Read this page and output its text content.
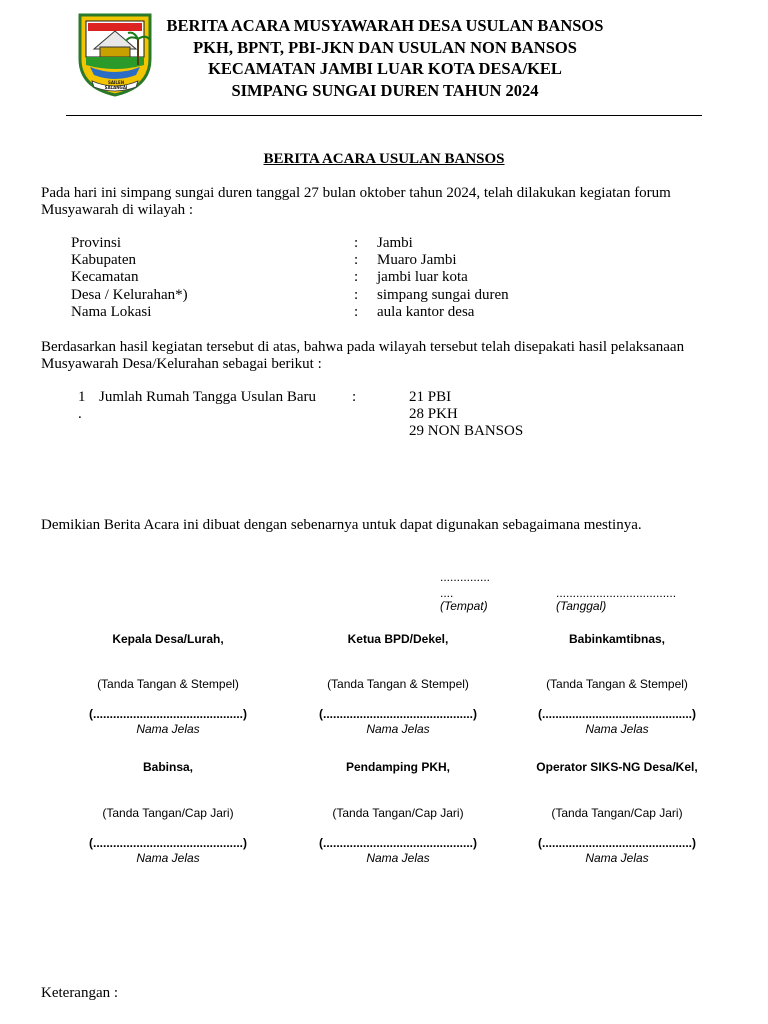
SAILEN SALANGAI
BERITA ACARA MUSYAWARAH DESA USULAN BANSOS
PKH, BPNT, PBI-JKN DAN USULAN NON BANSOS
KECAMATAN JAMBI LUAR KOTA DESA/KEL
SIMPANG SUNGAI DUREN TAHUN 2024
BERITA ACARA USULAN BANSOS
Pada hari ini simpang sungai duren tanggal 27 bulan oktober tahun 2024, telah dilakukan kegiatan forum Musyawarah di wilayah :
Provinsi	: Jambi
Kabupaten	: Muaro Jambi
Kecamatan	: jambi luar kota
Desa / Kelurahan*)	: simpang sungai duren
Nama Lokasi	: aula kantor desa
Berdasarkan hasil kegiatan tersebut di atas, bahwa pada wilayah tersebut telah disepakati hasil pelaksanaan Musyawarah Desa/Kelurahan sebagai berikut :
1
.
Jumlah Rumah Tangga Usulan Baru :	21 PBI
28 PKH
29 NON BANSOS
Demikian Berita Acara ini dibuat dengan sebenarnya untuk dapat digunakan sebagaimana mestinya.
...............
....
(Tempat)
....................................
(Tanggal)
Kepala Desa/Lurah,
(Tanda Tangan & Stempel)
(.............................................)
Nama Jelas
Ketua BPD/Dekel,
(Tanda Tangan & Stempel)
(.............................................)
Nama Jelas
Babinkamtibnas,
(Tanda Tangan & Stempel)
(.............................................)
Nama Jelas
Babinsa,
(Tanda Tangan/Cap Jari)
(.............................................)
Nama Jelas
Pendamping PKH,
(Tanda Tangan/Cap Jari)
(.............................................)
Nama Jelas
Operator SIKS-NG Desa/Kel,
(Tanda Tangan/Cap Jari)
(.............................................)
Nama Jelas
Keterangan :
